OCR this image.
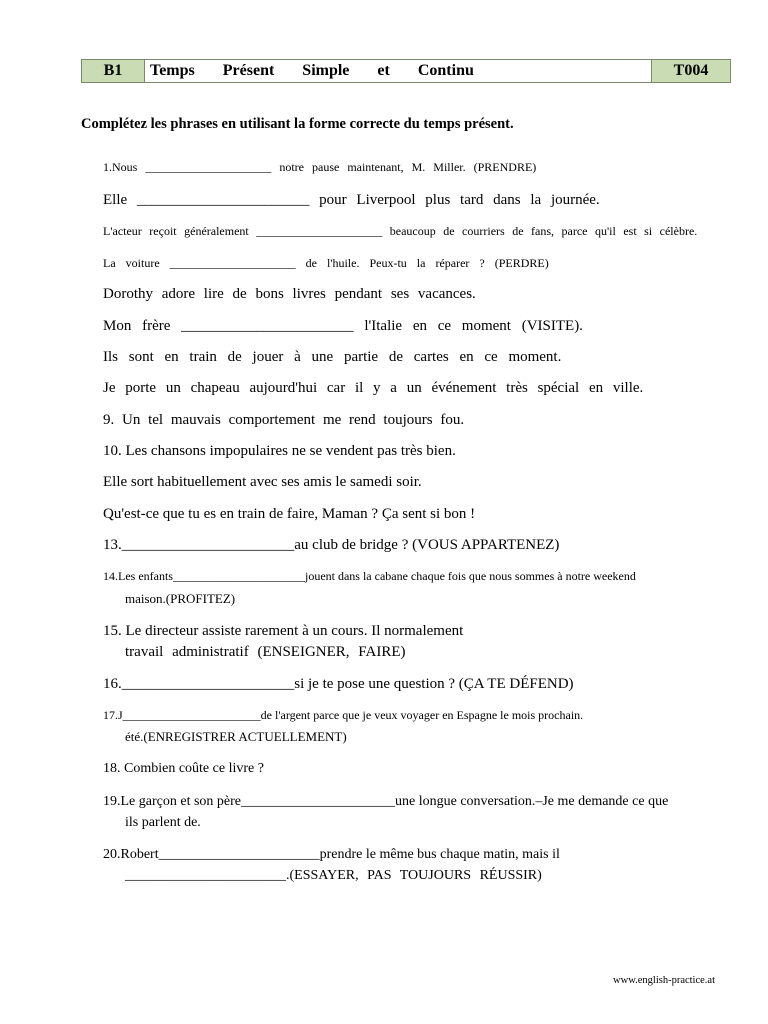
B1	Temps Présent Simple et Continu	T004
Complétez les phrases en utilisant la forme correcte du temps présent.
1.Nous _____________________ notre pause maintenant, M. Miller. (PRENDRE)
Elle _______________________ pour Liverpool plus tard dans la journée.
L'acteur reçoit généralement _____________________ beaucoup de courriers de fans, parce qu'il est si célèbre.
La voiture _____________________ de l'huile. Peux-tu la réparer ? (PERDRE)
Dorothy adore lire de bons livres pendant ses vacances.
Mon frère _______________________ l'Italie en ce moment (VISITE).
Ils sont en train de jouer à une partie de cartes en ce moment.
Je porte un chapeau aujourd'hui car il y a un événement très spécial en ville.
9. Un tel mauvais comportement me rend toujours fou.
10. Les chansons impopulaires ne se vendent pas très bien.
Elle sort habituellement avec ses amis le samedi soir.
Qu'est-ce que tu es en train de faire, Maman ? Ça sent si bon !
13._______________________au club de bridge ? (VOUS APPARTENEZ)
14.Les enfants______________________jouent dans la cabane chaque fois que nous sommes à notre weekend
maison.(PROFITEZ)
15. Le directeur assiste rarement à un cours. Il normalement
travail administratif (ENSEIGNER, FAIRE)
16._______________________si je te pose une question ? (ÇA TE DÉFEND)
17.J_______________________de l'argent parce que je veux voyager en Espagne le mois prochain.
été.(ENREGISTRER ACTUELLEMENT)
18. Combien coûte ce livre ?
19.Le garçon et son père______________________une longue conversation.–Je me demande ce que
ils parlent de.
20.Robert_______________________prendre le même bus chaque matin, mais il
_______________________.(ESSAYER, PAS TOUJOURS RÉUSSIR)
www.english-practice.at
